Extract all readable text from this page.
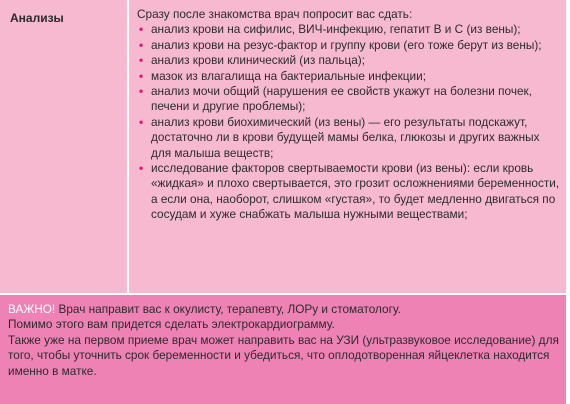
Анализы	Сразу после знакомства врач попросит вас сдать:
• анализ крови на сифилис, ВИЧ-инфекцию, гепатит В и С (из вены);
• анализ крови на резус-фактор и группу крови (его тоже берут из вены);
• анализ крови клинический (из пальца);
• мазок из влагалища на бактериальные инфекции;
• анализ мочи общий (нарушения ее свойств укажут на болезни почек, печени и другие проблемы);
• анализ крови биохимический (из вены) — его результаты подскажут, достаточно ли в крови будущей мамы белка, глюкозы и других важных для малыша веществ;
• исследование факторов свертываемости крови (из вены): если кровь «жидкая» и плохо свертывается, это грозит осложнениями беременности, а если она, наоборот, слишком «густая», то будет медленно двигаться по сосудам и хуже снабжать малыша нужными веществами;
ВАЖНО! Врач направит вас к окулисту, терапевту, ЛОРу и стоматологу.
Помимо этого вам придется сделать электрокардиограмму.
Также уже на первом приеме врач может направить вас на УЗИ (ультразвуковое исследование) для того, чтобы уточнить срок беременности и убедиться, что оплодотворенная яйцеклетка находится именно в матке.
